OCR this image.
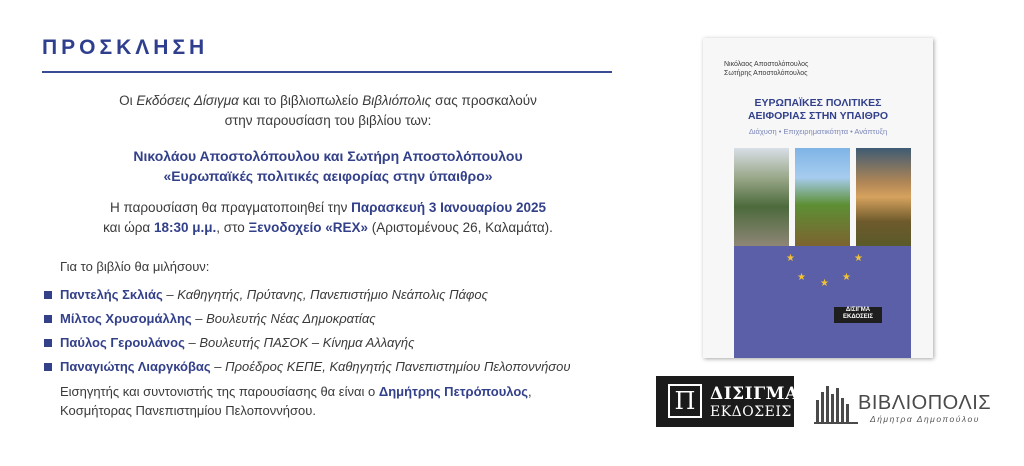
ΠΡΟΣΚΛΗΣΗ
Οι Εκδόσεις Δίσιγμα και το βιβλιοπωλείο Βιβλιόπολις σας προσκαλούν
στην παρουσίαση του βιβλίου των:
Νικολάου Αποστολόπουλου και Σωτήρη Αποστολόπουλου
«Ευρωπαϊκές πολιτικές αειφορίας στην ύπαιθρο»
Η παρουσίαση θα πραγματοποιηθεί την Παρασκευή 3 Ιανουαρίου 2025
και ώρα 18:30 μ.μ., στο Ξενοδοχείο «REX» (Αριστομένους 26, Καλαμάτα).
Για το βιβλίο θα μιλήσουν:
Παντελής Σκλιάς – Καθηγητής, Πρύτανης, Πανεπιστήμιο Νεάπολις Πάφος
Μίλτος Χρυσομάλλης – Βουλευτής Νέας Δημοκρατίας
Παύλος Γερουλάνος – Βουλευτής ΠΑΣΟΚ – Κίνημα Αλλαγής
Παναγιώτης Λιαργκόβας – Προέδρος ΚΕΠΕ, Καθηγητής Πανεπιστημίου Πελοποννήσου
Εισηγητής και συντονιστής της παρουσίασης θα είναι ο Δημήτρης Πετρόπουλος,
Κοσμήτορας Πανεπιστημίου Πελοποννήσου.
Νικόλαος Αποστολόπουλος
Σωτήρης Αποστολόπουλος
ΕΥΡΩΠΑΪΚΕΣ ΠΟΛΙΤΙΚΕΣ
ΑΕΙΦΟΡΙΑΣ ΣΤΗΝ ΥΠΑΙΘΡΟ
Διάχυση • Επιχειρηματικότητα • Ανάπτυξη
★
★
★
★
★
ΔΙΣΙΓΜΑ
ΕΚΔΟΣΕΙΣ
Π ΔΙΣΙΓΜΑ
ΕΚΔΟΣΕΙΣ	ΒΙΒΛΙΟΠΟΛΙΣ
Δήμητρα Δημοπούλου
